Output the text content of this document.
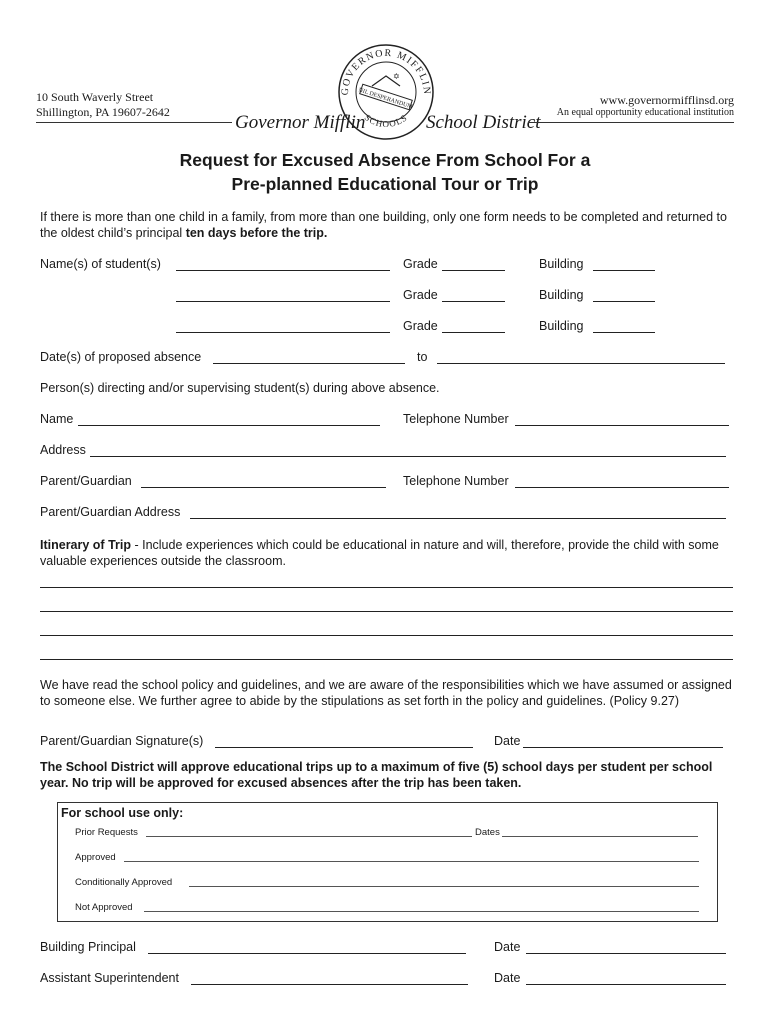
10 South Waverly Street
Shillington, PA 19607-2642	Governor Mifflin	School District
www.governormifflinsd.org
An equal opportunity educational institution
GOVERNOR MIFFLIN
SCHOOLS
✡
NIL DESPERANDUM
Request for Excused Absence From School For a
Pre-planned Educational Tour or Trip
If there is more than one child in a family, from more than one building, only one form needs to be completed and returned to the oldest child’s principal ten days before the trip.
Name(s) of student(s)	Grade	Building
Grade	Building
Grade	Building
Date(s) of proposed absence	to
Person(s) directing and/or supervising student(s) during above absence.
Name	Telephone Number
Address
Parent/Guardian	Telephone Number
Parent/Guardian Address
Itinerary of Trip - Include experiences which could be educational in nature and will, therefore, provide the child with some valuable experiences outside the classroom.
We have read the school policy and guidelines, and we are aware of the responsibilities which we have assumed or assigned to someone else. We further agree to abide by the stipulations as set forth in the policy and guidelines. (Policy 9.27)
Parent/Guardian Signature(s)	Date
The School District will approve educational trips up to a maximum of five (5) school days per student per school year. No trip will be approved for excused absences after the trip has been taken.
For school use only:
Prior Requests	Dates
Approved
Conditionally Approved
Not Approved
Building Principal	Date
Assistant Superintendent	Date
